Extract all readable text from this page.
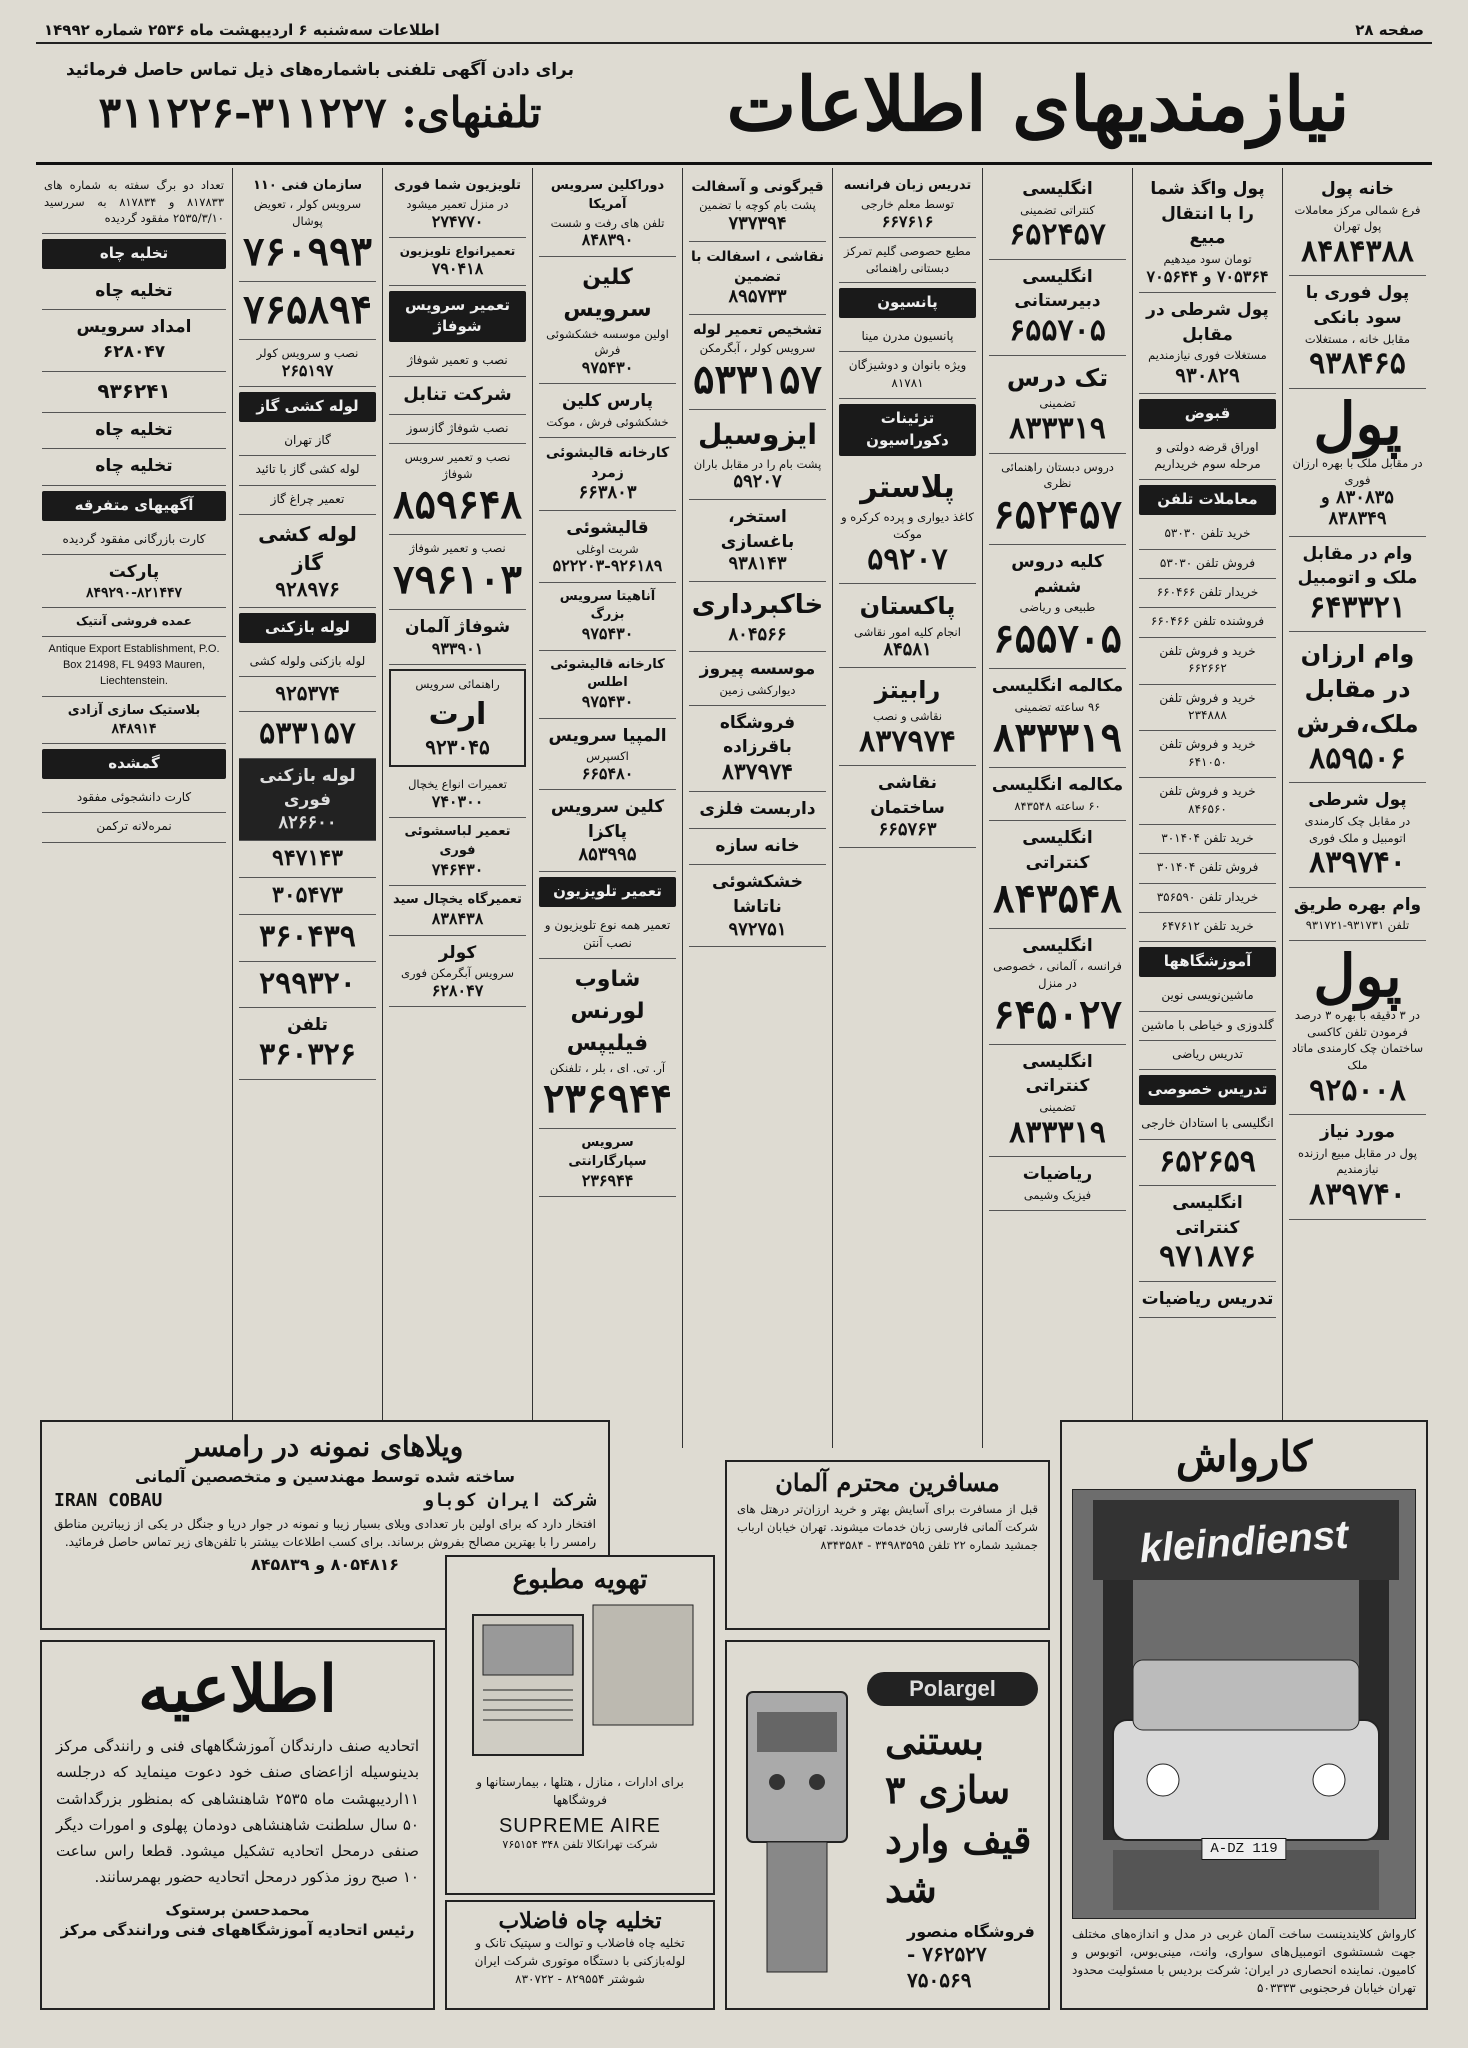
صفحه ۲۸
اطلاعات سه‌شنبه ۶ اردیبهشت ماه ۲۵۳۶ شماره ۱۴۹۹۲
نیازمندیهای اطلاعات
برای دادن آگهی تلفنی باشماره‌های ذیل تماس حاصل فرمائید
تلفنهای: ۳۱۱۲۲۷-۳۱۱۲۲۶
خانه پول
فرع شمالی مرکز معاملات پول تهران
۸۴۸۴۳۸۸
پول فوری با سود بانکی
مقابل خانه ، مستغلات
۹۳۸۴۶۵
پول
در مقابل ملک با بهره ارزان فوری
۸۳۰۸۳۵ و ۸۳۸۳۴۹
وام در مقابل ملک و اتومبیل
۶۴۳۳۲۱
وام ارزان در مقابل ملک،فرش
۸۵۹۵۰۶
پول شرطی
در مقابل چک کارمندی اتومبیل و ملک فوری
۸۳۹۷۴۰
وام بهره طریق
تلفن ۹۳۱۷۳۱-۹۳۱۷۲۱
پول
در ۳ دقیقه با بهره ۳ درصد فرمودن تلفن کاکسی ساختمان چک کارمندی ماتاد ملک
۹۲۵۰۰۸
مورد نیاز
پول در مقابل مبیع ارزنده نیازمندیم
۸۳۹۷۴۰
پول واگذ شما را با انتقال مبیع
تومان سود میدهیم
۷۰۵۳۶۴ و ۷۰۵۶۴۴
پول شرطی در مقابل
مستغلات فوری نیازمندیم
۹۳۰۸۲۹
قبوض
اوراق قرضه دولتی و مرحله سوم خریداریم
معاملات تلفن
خرید تلفن ۵۳۰۳۰
فروش تلفن ۵۳۰۳۰
خریدار تلفن ۶۶۰۴۶۶
فروشنده تلفن ۶۶۰۴۶۶
خرید و فروش تلفن ۶۶۲۶۶۲
خرید و فروش تلفن ۲۳۴۸۸۸
خرید و فروش تلفن ۶۴۱۰۵۰
خرید و فروش تلفن ۸۴۶۵۶۰
خرید تلفن ۳۰۱۴۰۴
فروش تلفن ۳۰۱۴۰۴
خریدار تلفن ۳۵۶۵۹۰
خرید تلفن ۶۴۷۶۱۲
آموزشگاهها
ماشین‌نویسی نوین
گلدوزی و خیاطی با ماشین
تدریس ریاضی
تدریس خصوصی
انگلیسی با استادان خارجی
۶۵۲۶۵۹
انگلیسی کنتراتی
۹۷۱۸۷۶
تدریس ریاضیات
انگلیسی
کنتراتی تضمینی
۶۵۲۴۵۷
انگلیسی دبیرستانی
۶۵۵۷۰۵
تک درس
تضمینی
۸۳۳۳۱۹
دروس دبستان راهنمائی نظری
۶۵۲۴۵۷
کلیه دروس ششم
طبیعی و ریاضی
۶۵۵۷۰۵
مکالمه انگلیسی
۹۶ ساعته تضمینی
۸۳۳۳۱۹
مکالمه انگلیسی
۶۰ ساعته ۸۴۳۵۴۸
انگلیسی کنتراتی
۸۴۳۵۴۸
انگلیسی
فرانسه ، آلمانی ، خصوصی در منزل
۶۴۵۰۲۷
انگلیسی کنتراتی
تضمینی
۸۳۳۳۱۹
ریاضیات
فیزیک وشیمی
تدریس زبان فرانسه
توسط معلم خارجی
۶۶۷۶۱۶
مطیع حصوصی گلیم تمرکز دبستانی راهنمائی
پانسیون
پانسیون مدرن مینا
ویژه بانوان و دوشیزگان ۸۱۷۸۱
تزئینات دکوراسیون
پلاستر
کاغذ دیواری و پرده کرکره و موکت
۵۹۲۰۷
پاکستان
انجام کلیه امور نقاشی
۸۴۵۸۱
رابیتز
نقاشی و نصب
۸۳۷۹۷۴
نقاشی ساختمان
۶۶۵۷۶۳
قیرگونی و آسفالت
پشت بام کوچه با تضمین
۷۳۷۳۹۴
نقاشی ، اسفالت با تضمین
۸۹۵۷۳۳
تشخیص تعمیر لوله
سرویس کولر ، آبگرمکن
۵۳۳۱۵۷
ایزوسیل
پشت بام را در مقابل باران
۵۹۲۰۷
استخر، باغسازی
۹۳۸۱۴۳
خاکبرداری
۸۰۴۵۶۶
موسسه پیروز
دیوارکشی زمین
فروشگاه باقرزاده
۸۳۷۹۷۴
داربست فلزی
خانه سازه
خشکشوئی ناتاشا
۹۷۲۷۵۱
دوراکلین سرویس آمریکا
تلفن های رفت و شست
۸۴۸۳۹۰
کلین سرویس
اولین موسسه خشکشوئی فرش
۹۷۵۴۳۰
پارس کلین
خشکشوئی فرش ، موکت
کارخانه قالیشوئی زمرد
۶۶۳۸۰۳
قالیشوئی
شربت اوغلی
۵۲۲۲۰۳-۹۲۶۱۸۹
آناهیتا سرویس بزرگ
۹۷۵۴۳۰
کارخانه قالیشوئی اطلس
۹۷۵۴۳۰
المپیا سرویس
اکسپرس
۶۶۵۴۸۰
کلین سرویس پاکزا
۸۵۳۹۹۵
تعمیر تلویزیون
تعمیر همه نوع تلویزیون و نصب آنتن
شاوب لورنس فیلیپس
آر. تی. ای ، بلر ، تلفنکن
۲۳۶۹۴۴
سرویس سپارگارانتی
۲۳۶۹۴۴
تلویزیون شما فوری
در منزل تعمیر میشود
۲۷۴۷۷۰
تعمیرانواع تلویزیون
۷۹۰۴۱۸
تعمیر سرویس شوفاژ
نصب و تعمیر شوفاژ
شرکت تنابل
نصب شوفاژ گازسوز
نصب و تعمیر سرویس شوفاژ
۸۵۹۶۴۸
نصب و تعمیر شوفاژ
۷۹۶۱۰۳
شوفاژ آلمان
۹۳۳۹۰۱
راهنمائی سرویس
ارت
۹۲۳۰۴۵
تعمیرات انواع یخچال
۷۴۰۳۰۰
تعمیر لباسشوئی فوری
۷۴۶۴۳۰
تعمیرگاه یخچال سید
۸۳۸۴۳۸
کولر
سرویس آبگرمکن فوری
۶۲۸۰۴۷
سازمان فنی ۱۱۰
سرویس کولر ، تعویض پوشال
۷۶۰۹۹۳
۷۶۵۸۹۴
نصب و سرویس کولر
۲۶۵۱۹۷
لوله کشی گاز
گاز تهران
لوله کشی گاز با تائید
تعمیر چراغ گاز
لوله کشی گاز
۹۲۸۹۷۶
لوله بازکنی
لوله بازکنی ولوله کشی
۹۲۵۳۷۴
۵۳۳۱۵۷
لوله بازکنی فوری
۸۲۶۶۰۰
۹۴۷۱۴۳
۳۰۵۴۷۳
۳۶۰۴۳۹
۲۹۹۳۲۰
تلفن
۳۶۰۳۲۶
تعداد دو برگ سفته به شماره های ۸۱۷۸۳۳ و ۸۱۷۸۳۴ به سررسید ۲۵۳۵/۳/۱۰ مفقود گردیده
تخلیه چاه
تخلیه چاه
امداد سرویس ۶۲۸۰۴۷
۹۳۶۲۴۱
تخلیه چاه
تخلیه چاه
آگهیهای متفرقه
کارت بازرگانی مفقود گردیده
پارکت
۸۴۹۲۹۰-۸۲۱۴۴۷
عمده فروشی آنتیک
Antique Export Establishment, P.O. Box 21498, FL 9493 Mauren, Liechtenstein.
بلاستیک سازی آزادی
۸۴۸۹۱۴
گمشده
کارت دانشجوئی مفقود
نمره‌لانه ترکمن
ویلاهای نمونه در رامسر
ساخته شده توسط مهندسین و متخصصین آلمانی
شرکت ایران کوباو
IRAN COBAU
افتخار دارد که برای اولین بار تعدادی ویلای بسیار زیبا و نمونه در جوار دریا و جنگل در یکی از زیباترین مناطق رامسر را با بهترین مصالح بفروش برساند. برای کسب اطلاعات بیشتر با تلفن‌های زیر تماس حاصل فرمائید.
۸۰۵۴۸۱۶ و ۸۴۵۸۳۹
اطلاعیه
اتحادیه صنف دارندگان آموزشگاههای فنی و رانندگی مرکز بدینوسیله ازاعضای صنف خود دعوت مینماید که درجلسه ۱۱اردیبهشت ماه ۲۵۳۵ شاهنشاهی که بمنظور بزرگداشت ۵۰ سال سلطنت شاهنشاهی دودمان پهلوی و امورات دیگر صنفی درمحل اتحادیه تشکیل میشود. قطعا راس ساعت ۱۰ صبح روز مذکور درمحل اتحادیه حضور بهمرسانند.
محمدحسن برستوک
رئیس اتحادیه آموزشگاههای فنی ورانندگی مرکز
تهویه مطبوع
برای ادارات ، منازل ، هتلها ، بیمارستانها و فروشگاهها
SUPREME AIRE
شرکت تهرانکالا تلفن ۳۴۸ ۷۶۵۱۵۴
تخلیه چاه فاضلاب
تخلیه چاه فاضلاب و توالت و سپتیک تانک و لوله‌بازکنی با دستگاه موتوری شرکت ایران شوشتر ۸۲۹۵۵۴ - ۸۳۰۷۲۲
مسافرین محترم آلمان
قبل از مسافرت برای آسایش بهتر و خرید ارزان‌تر درهتل های شرکت آلمانی فارسی زبان خدمات میشوند. تهران خیابان ارباب جمشید شماره ۲۲ تلفن ۳۴۹۸۳۵۹۵ - ۸۳۴۳۵۸۴
Polargel
بستنی سازی ۳ قیف وارد شد
فروشگاه منصور
۷۶۲۵۲۷ - ۷۵۰۵۶۹
کارواش
kleindienst
A-DZ 119
کارواش کلایندینست ساخت آلمان غربی در مدل و اندازه‌های مختلف جهت شستشوی اتومبیل‌های سواری، وانت، مینی‌بوس، اتوبوس و کامیون. نماینده انحصاری در ایران: شرکت بردیس با مسئولیت محدود تهران خیابان فرحجنوبی ۵۰۳۳۳۳
